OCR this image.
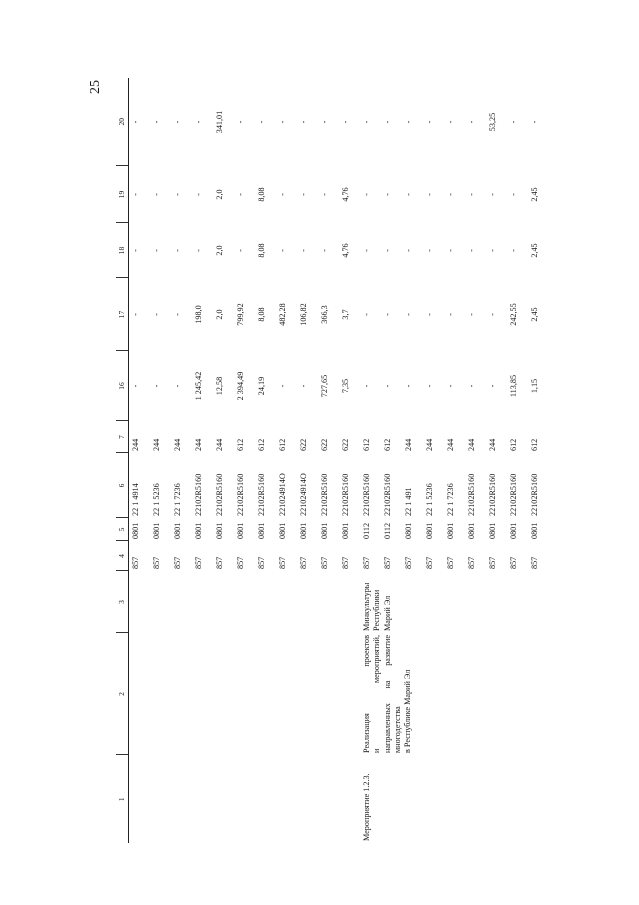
25
1	2	3	4	5	6	7	16	17	18	19	20
			857	0801	22 1 4914	244	-	-	-	-	-
			857	0801	22 1 5236	244	-	-	-	-	-
			857	0801	22 1 7236	244	-	-	-	-	-
			857	0801	22102R5160	244	1 245,42	198,0	-	-	-
			857	0801	22102R5160	244	12,58	2,0	2,0	2,0	341,01
			857	0801	22102R5160	612	2 394,49	799,92	-	-	-
			857	0801	22102R5160	612	24,19	8,08	8,08	8,08	-
			857	0801	221024914О	612	-	482,28	-	-	-
			857	0801	221024914О	622	-	106,82	-	-	-
			857	0801	22102R5160	622	727,65	366,3	-	-	-
			857	0801	22102R5160	622	7,35	3,7	4,76	4,76	-
Мероприятие 1.2.3.	Реализация проектов и мероприятий, направленных на развитие многодетства в Республике Марий Эл	Минкультуры Республики Марий Эл	857	0112	22102R5160	612	-	-	-	-	-
			857	0112	22102R5160	612	-	-	-	-	-
			857	0801	22 1 491	244	-	-	-	-	-
			857	0801	22 1 5236	244	-	-	-	-	-
			857	0801	22 1 7236	244	-	-	-	-	-
			857	0801	22102R5160	244	-	-	-	-	-
			857	0801	22102R5160	244	-	-	-	-	53,25
			857	0801	22102R5160	612	113,85	242,55	-	-	-
			857	0801	22102R5160	612	1,15	2,45	2,45	2,45	-
